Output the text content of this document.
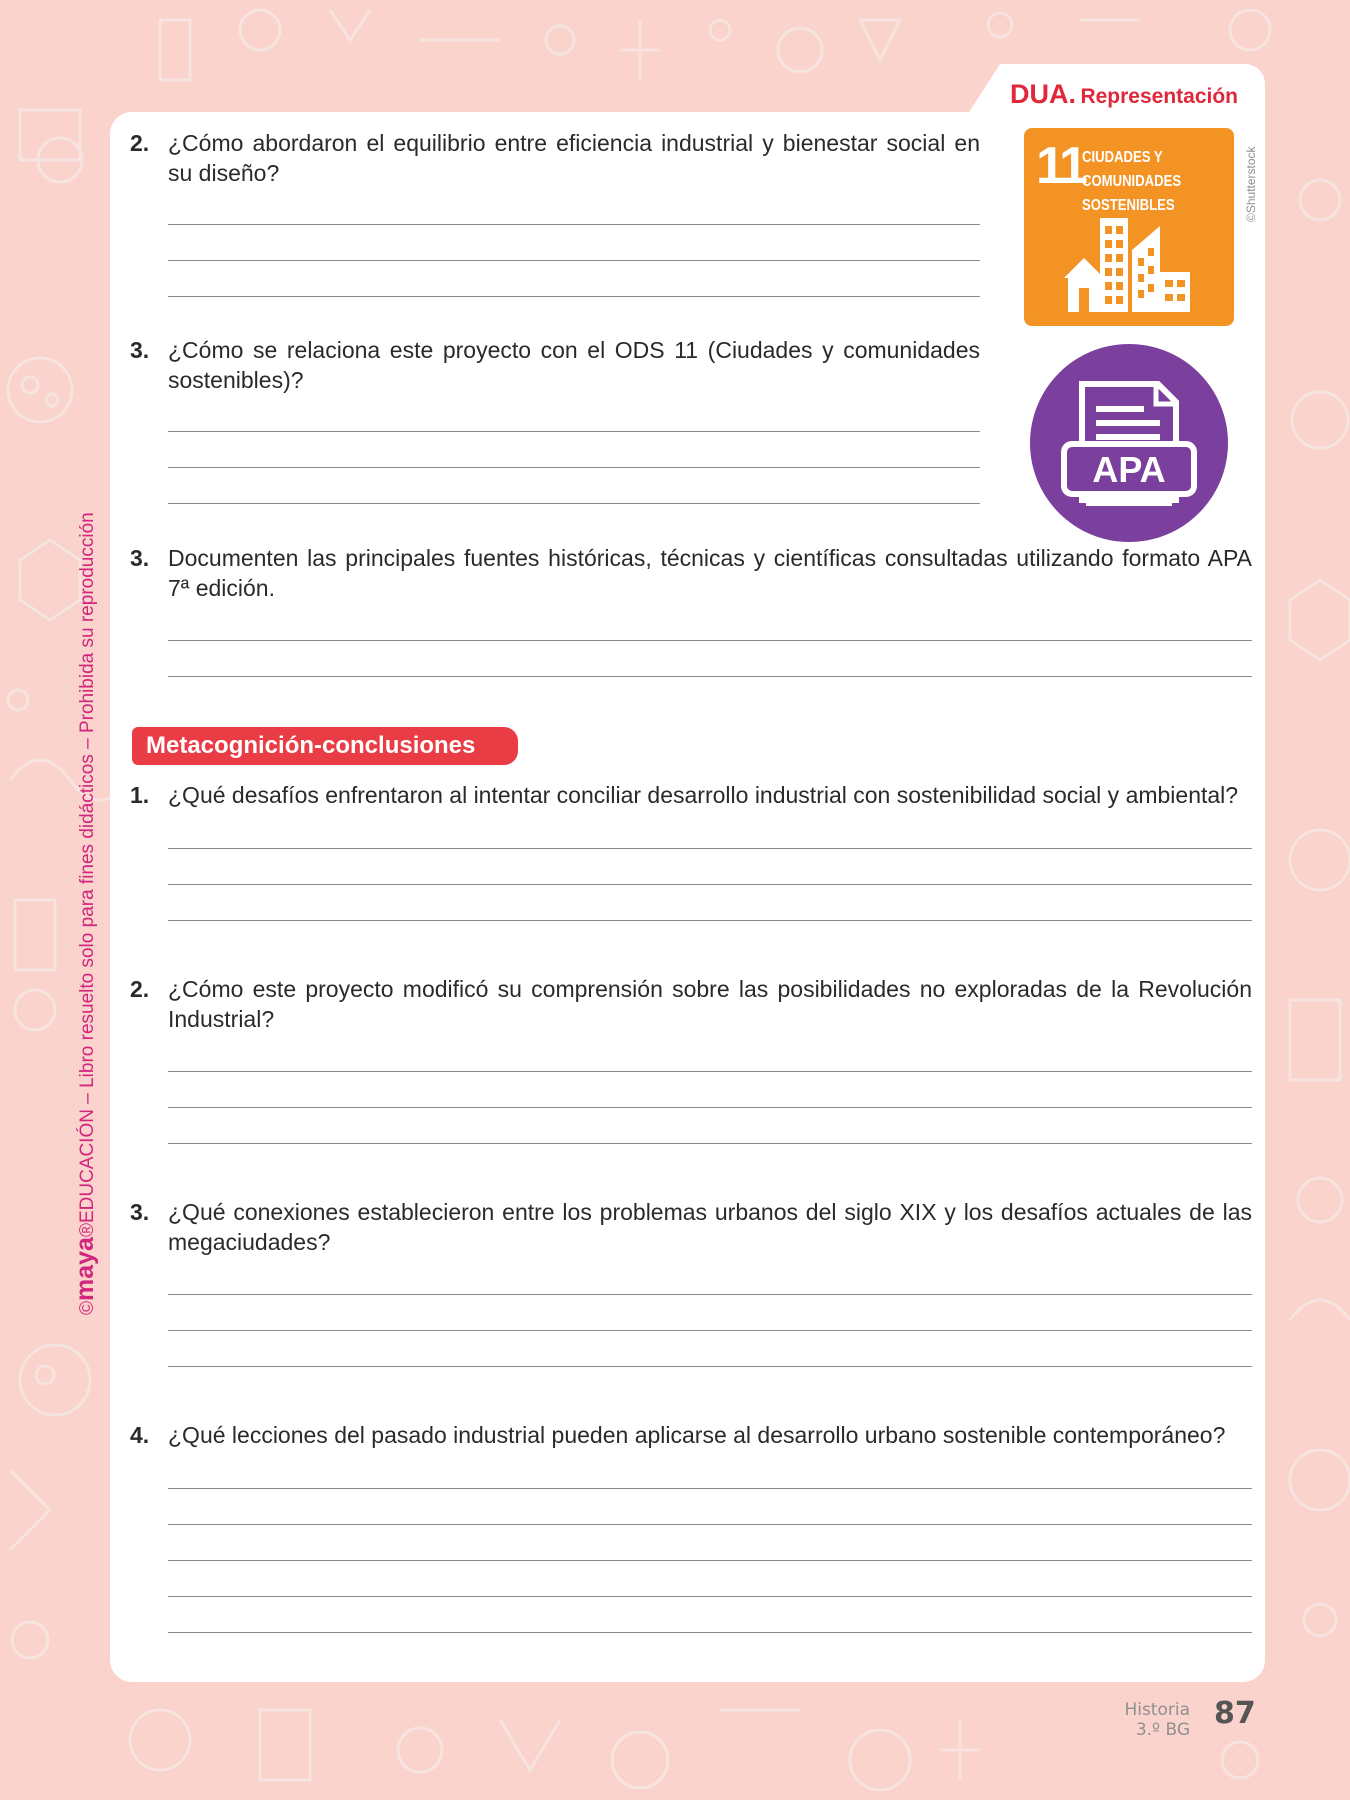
©maya®EDUCACIÓN – Libro resuelto solo para fines didácticos – Prohibida su reproducción
DUA. Representación
2. ¿Cómo abordaron el equilibrio entre eficiencia industrial y bienestar social en su diseño?
3. ¿Cómo se relaciona este proyecto con el ODS 11 (Ciudades y comunidades sostenibles)?
3. Documenten las principales fuentes históricas, técnicas y científicas consultadas utilizando formato APA 7ª edición.
Metacognición-conclusiones
1. ¿Qué desafíos enfrentaron al intentar conciliar desarrollo industrial con sostenibilidad social y ambiental?
2. ¿Cómo este proyecto modificó su comprensión sobre las posibilidades no exploradas de la Revolución Industrial?
3. ¿Qué conexiones establecieron entre los problemas urbanos del siglo XIX y los desafíos actuales de las megaciudades?
4. ¿Qué lecciones del pasado industrial pueden aplicarse al desarrollo urbano sostenible contemporáneo?
11
CIUDADES Y
COMUNIDADES
SOSTENIBLES	©Shutterstock
APA
Historia
3.º BG 87
